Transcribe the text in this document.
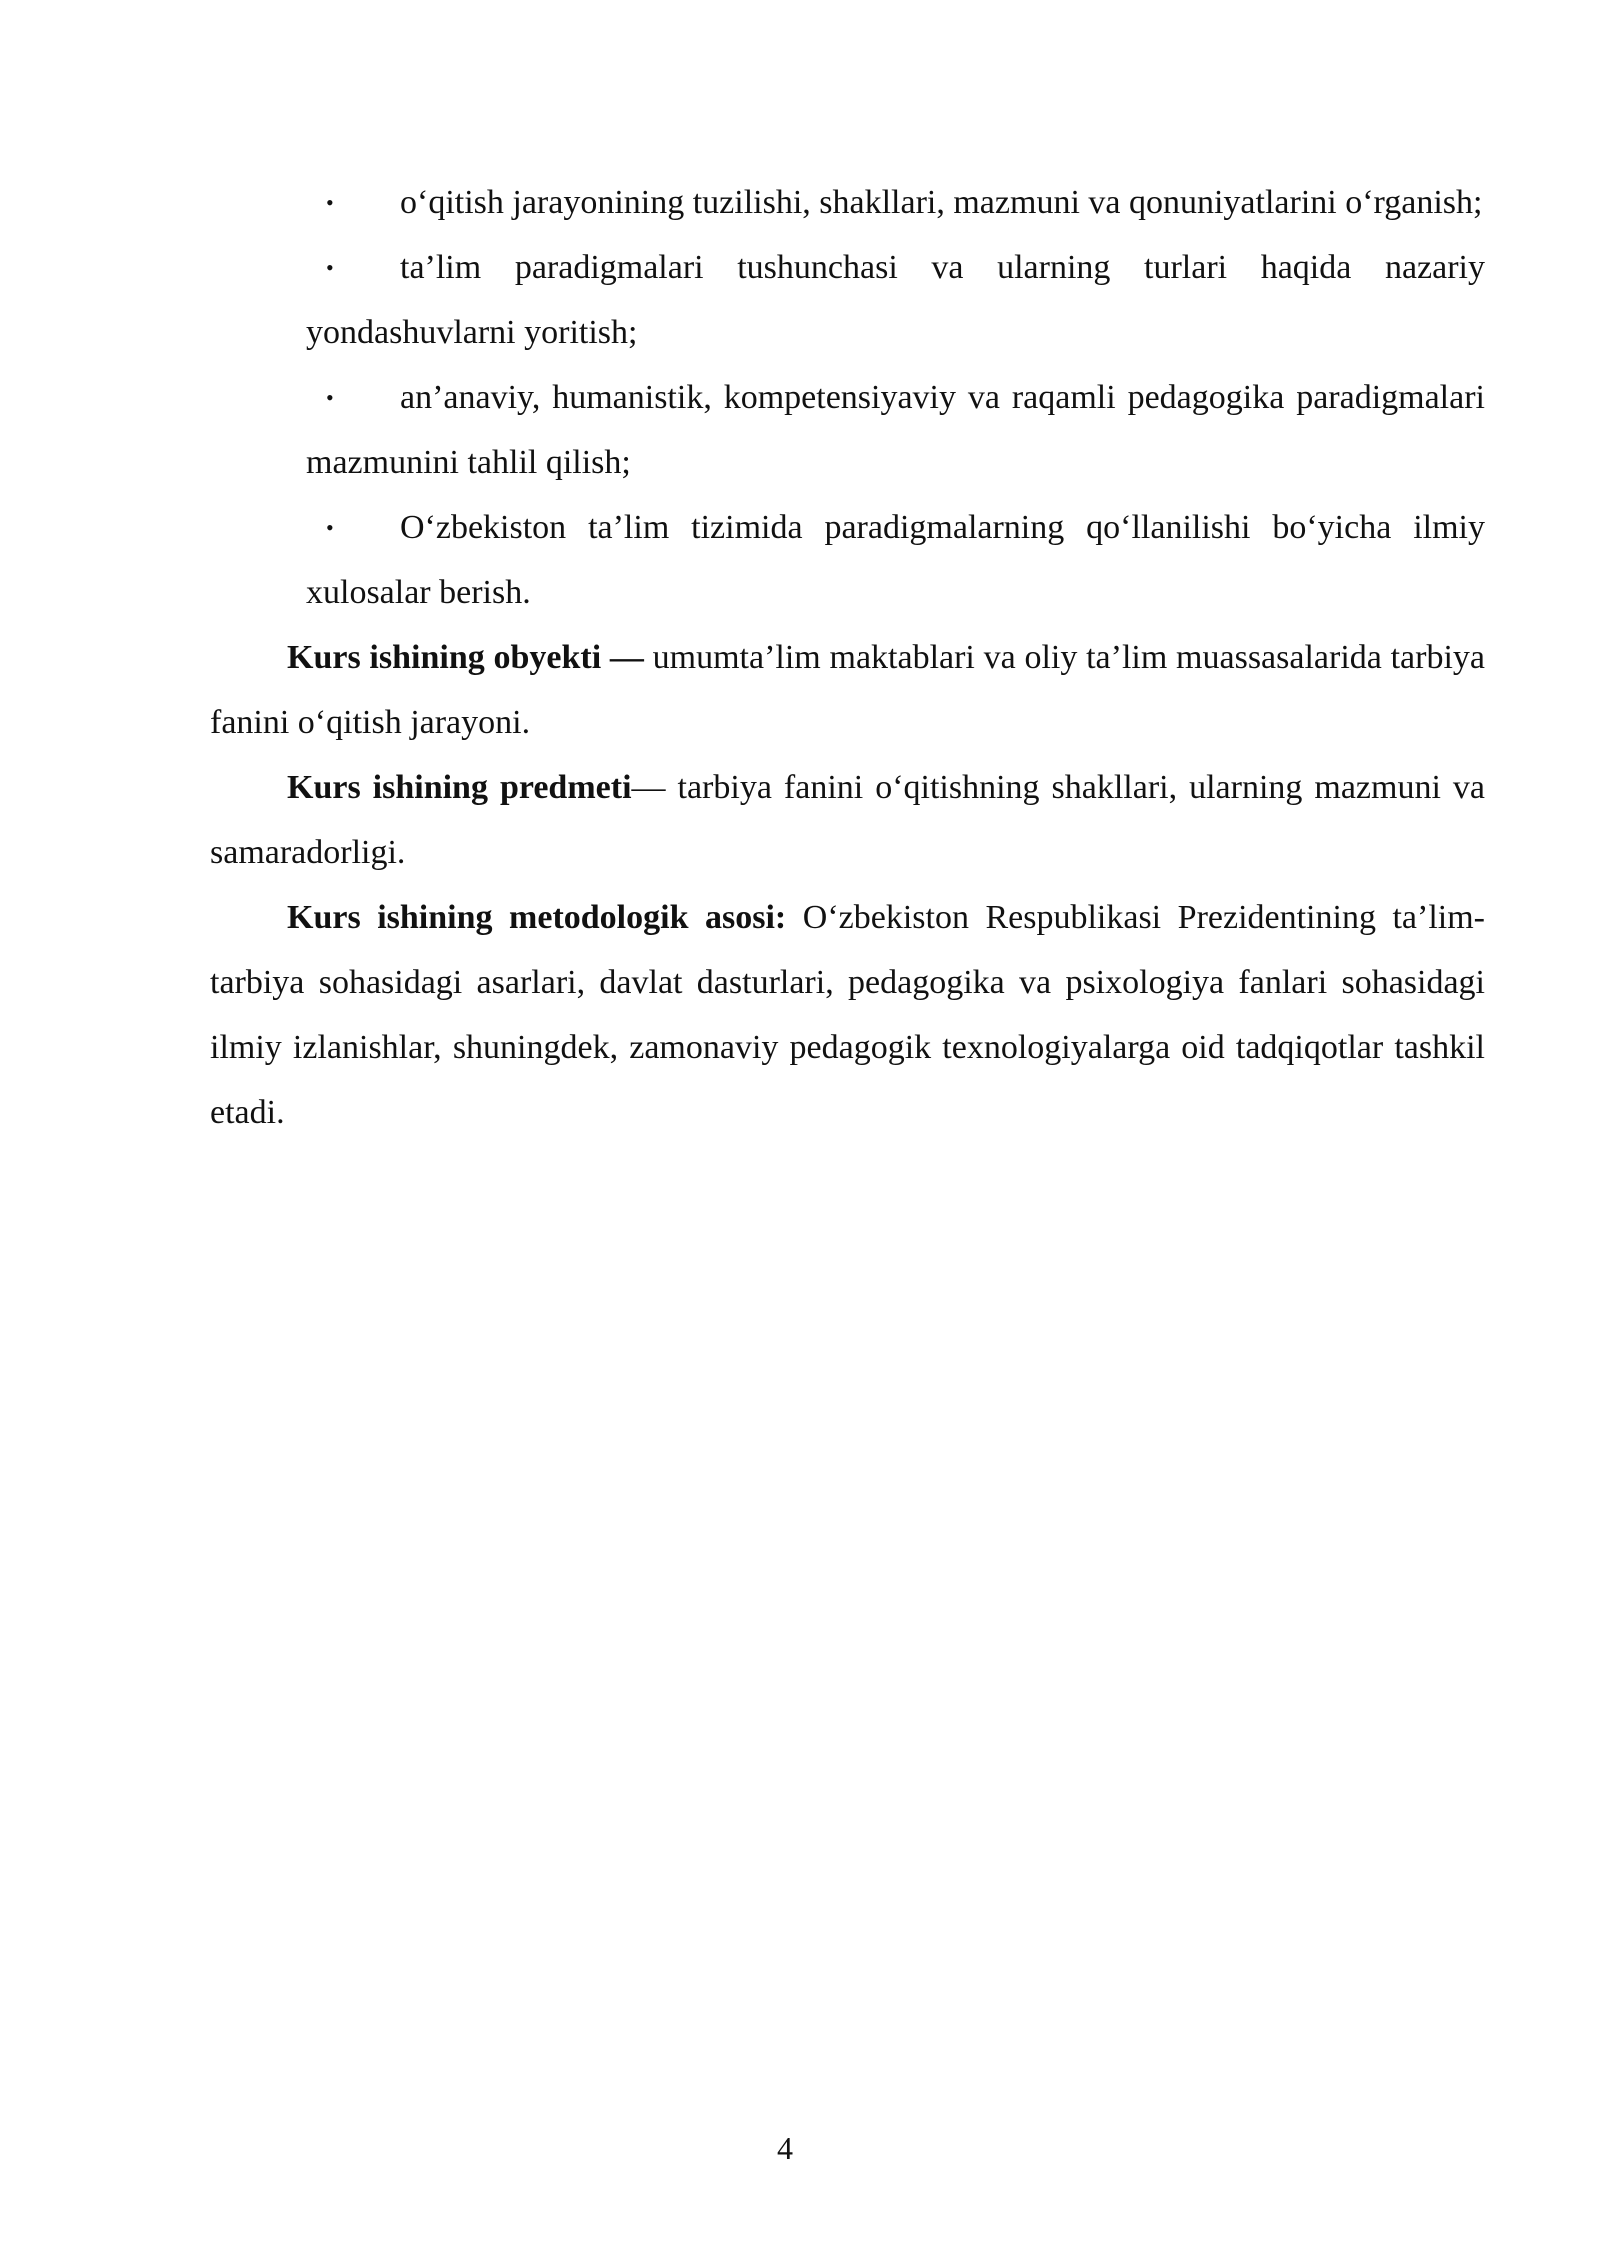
• o‘qitish jarayonining tuzilishi, shakllari, mazmuni va qonuniyatlarini o‘rganish;
• ta’lim paradigmalari tushunchasi va ularning turlari haqida nazariy yondashuvlarni yoritish;
• an’anaviy, humanistik, kompetensiyaviy va raqamli pedagogika paradigmalari mazmunini tahlil qilish;
• O‘zbekiston ta’lim tizimida paradigmalarning qo‘llanilishi bo‘yicha ilmiy xulosalar berish.

Kurs ishining obyekti — umumta’lim maktablari va oliy ta’lim muassasalarida tarbiya fanini o‘qitish jarayoni.

Kurs ishining predmeti— tarbiya fanini o‘qitishning shakllari, ularning mazmuni va samaradorligi.

Kurs ishining metodologik asosi: O‘zbekiston Respublikasi Prezidentining ta’lim-tarbiya sohasidagi asarlari, davlat dasturlari, pedagogika va psixologiya fanlari sohasidagi ilmiy izlanishlar, shuningdek, zamonaviy pedagogik texnologiyalarga oid tadqiqotlar tashkil etadi.

4
